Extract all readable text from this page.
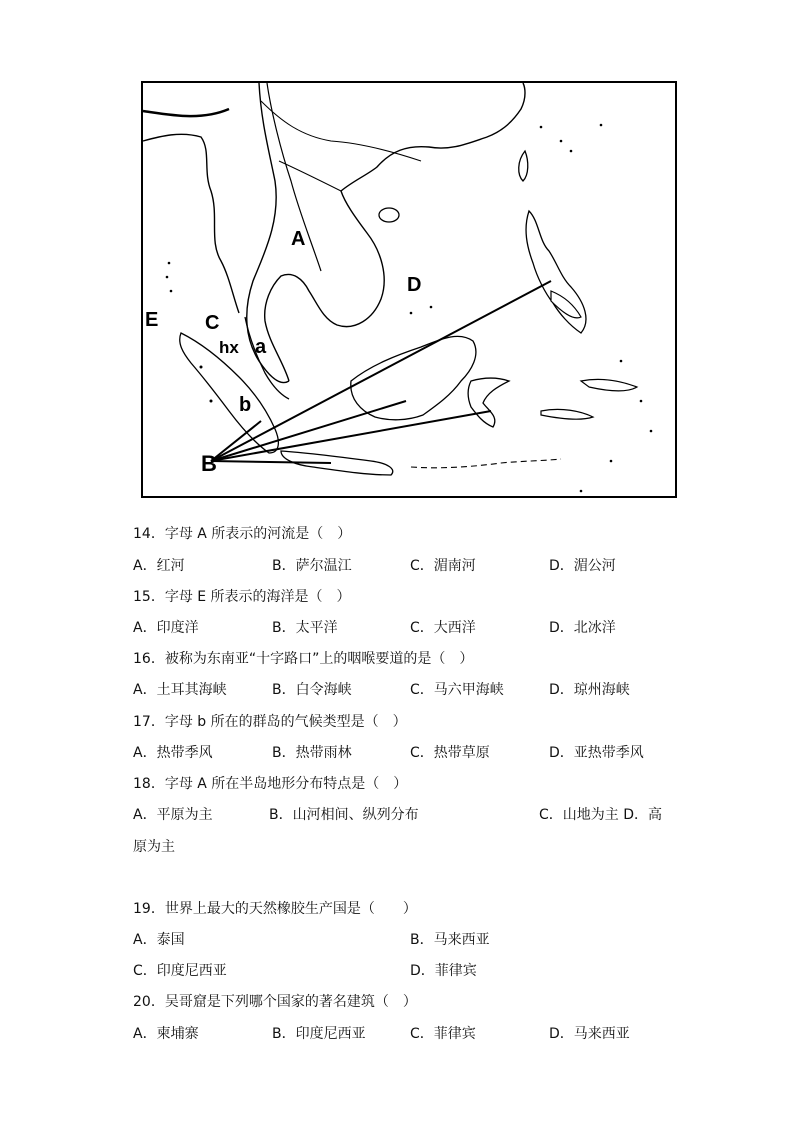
A
D
E C
hx a
b
B
14．字母 A 所表示的河流是（　）
A．红河	B．萨尔温江	C．湄南河	D．湄公河
15．字母 E 所表示的海洋是（　）
A．印度洋	B．太平洋	C．大西洋	D．北冰洋
16．被称为东南亚“十字路口”上的咽喉要道的是（　）
A．土耳其海峡	B．白令海峡	C．马六甲海峡	D．琼州海峡
17．字母 b 所在的群岛的气候类型是（　）
A．热带季风	B．热带雨林	C．热带草原	D．亚热带季风
18．字母 A 所在半岛地形分布特点是（　）
A．平原为主	B．山河相间、纵列分布	C．山地为主 D．高
原为主
19．世界上最大的天然橡胶生产国是（　　）
A．泰国	B．马来西亚
C．印度尼西亚	D．菲律宾
20．吴哥窟是下列哪个国家的著名建筑（　）
A．柬埔寨	B．印度尼西亚	C．菲律宾	D．马来西亚
